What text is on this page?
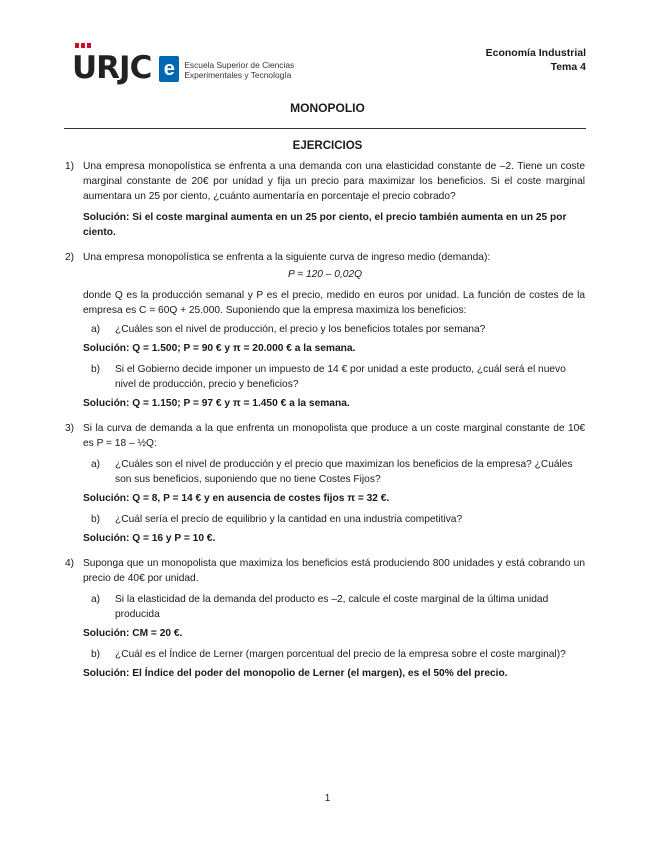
URJC e	Escuela Superior de Ciencias
Experimentales y Tecnología
Economía Industrial
Tema 4
MONOPOLIO
EJERCICIOS
1) Una empresa monopolística se enfrenta a una demanda con una elasticidad constante de –2. Tiene un coste marginal constante de 20€ por unidad y fija un precio para maximizar los beneficios. Si el coste marginal aumentara un 25 por ciento, ¿cuánto aumentaría en porcentaje el precio cobrado?
Solución: Si el coste marginal aumenta en un 25 por ciento, el precio también aumenta en un 25 por ciento.
2) Una empresa monopolística se enfrenta a la siguiente curva de ingreso medio (demanda):
P = 120 – 0,02Q
donde Q es la producción semanal y P es el precio, medido en euros por unidad. La función de costes de la empresa es C = 60Q + 25.000. Suponiendo que la empresa maximiza los beneficios:
a)	¿Cuáles son el nivel de producción, el precio y los beneficios totales por semana?
Solución: Q = 1.500; P = 90 € y π = 20.000 € a la semana.
b)	Si el Gobierno decide imponer un impuesto de 14 € por unidad a este producto, ¿cuál será el nuevo nivel de producción, precio y beneficios?
Solución: Q = 1.150; P = 97 € y π = 1.450 € a la semana.
3) Si la curva de demanda a la que enfrenta un monopolista que produce a un coste marginal constante de 10€ es P = 18 – ½Q:
a)	¿Cuáles son el nivel de producción y el precio que maximizan los beneficios de la empresa? ¿Cuáles son sus beneficios, suponiendo que no tiene Costes Fijos?
Solución: Q = 8, P = 14 € y en ausencia de costes fijos π = 32 €.
b)	¿Cuál sería el precio de equilibrio y la cantidad en una industria competitiva?
Solución: Q = 16 y P = 10 €.
4) Suponga que un monopolista que maximiza los beneficios está produciendo 800 unidades y está cobrando un precio de 40€ por unidad.
a)	Si la elasticidad de la demanda del producto es –2, calcule el coste marginal de la última unidad producida
Solución: CM = 20 €.
b)	¿Cuál es el Índice de Lerner (margen porcentual del precio de la empresa sobre el coste marginal)?
Solución: El Índice del poder del monopolio de Lerner (el margen), es el 50% del precio.
1
